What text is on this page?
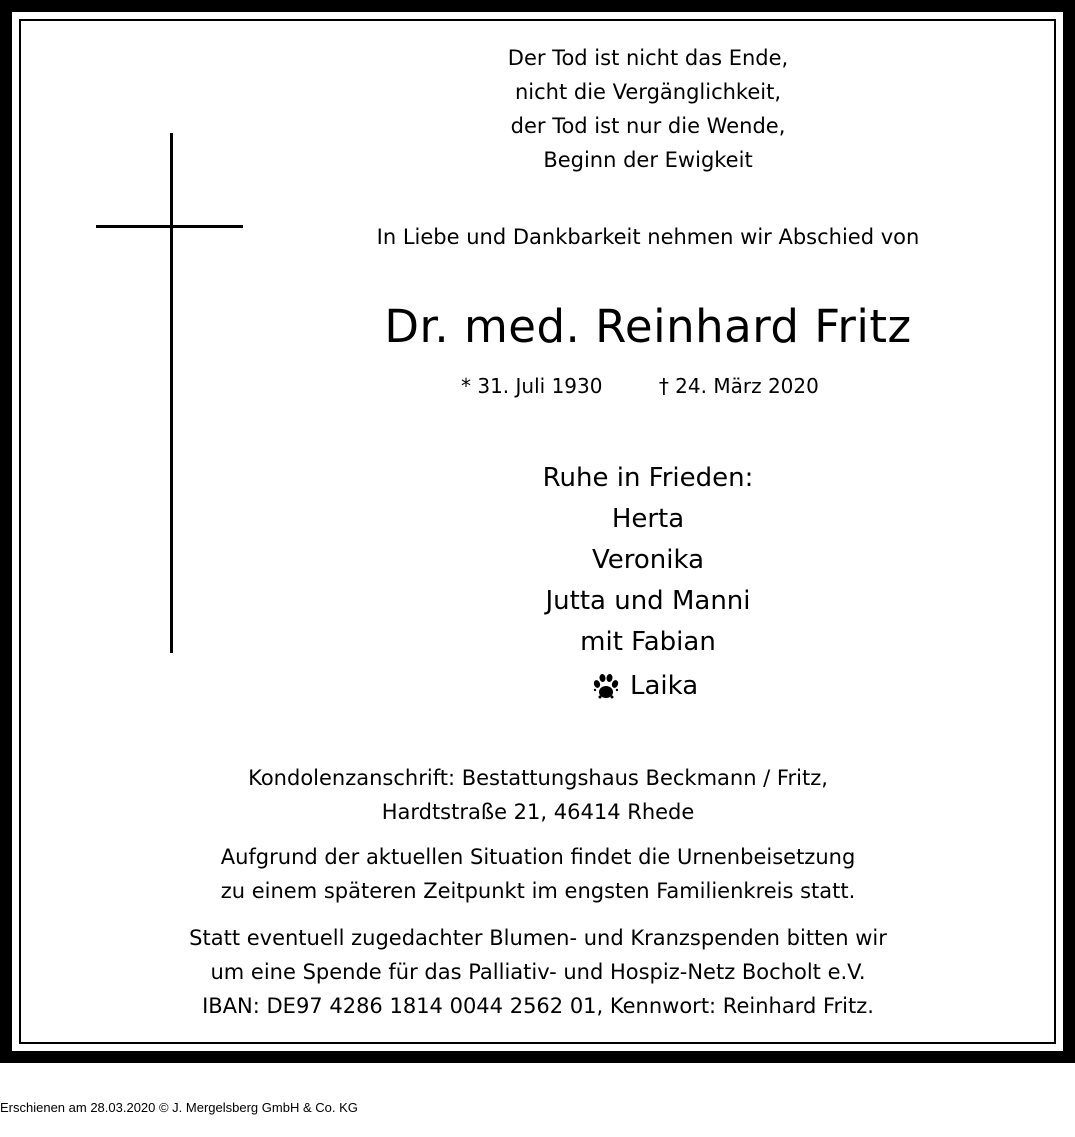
Der Tod ist nicht das Ende,
nicht die Vergänglichkeit,
der Tod ist nur die Wende,
Beginn der Ewigkeit
In Liebe und Dankbarkeit nehmen wir Abschied von
Dr. med. Reinhard Fritz
* 31. Juli 1930	† 24. März 2020
Ruhe in Frieden:
Herta
Veronika
Jutta und Manni
mit Fabian
Laika
Kondolenzanschrift: Bestattungshaus Beckmann / Fritz,
Hardtstraße 21, 46414 Rhede
Aufgrund der aktuellen Situation findet die Urnenbeisetzung
zu einem späteren Zeitpunkt im engsten Familienkreis statt.
Statt eventuell zugedachter Blumen- und Kranzspenden bitten wir
um eine Spende für das Palliativ- und Hospiz-Netz Bocholt e.V.
IBAN: DE97 4286 1814 0044 2562 01, Kennwort: Reinhard Fritz.
Erschienen am 28.03.2020 © J. Mergelsberg GmbH & Co. KG
